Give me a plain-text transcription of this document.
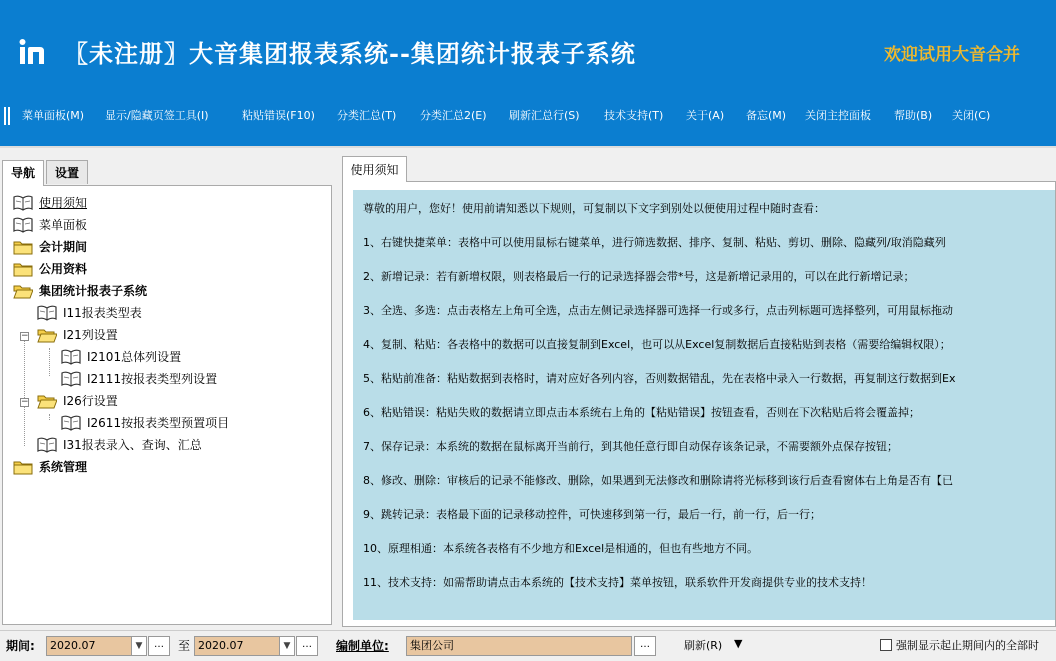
〖未注册〗大音集团报表系统--集团统计报表子系统	欢迎试用大音合并
菜单面板(M) 显示/隐藏页签工具(I)	粘贴错误(F10) 分类汇总(T) 分类汇总2(E) 刷新汇总行(S) 技术支持(T) 关于(A) 备忘(M) 关闭主控面板 帮助(B) 关闭(C)
导航	设置
使用须知
菜单面板
会计期间
公用资料
集团统计报表子系统
I11报表类型表
−	I21列设置
I2101总体列设置
I2111按报表类型列设置
−	I26行设置
I2611按报表类型预置项目
I31报表录入、查询、汇总
系统管理
使用须知
尊敬的用户，您好！使用前请知悉以下规则，可复制以下文字到别处以便使用过程中随时查看：
1、右键快捷菜单：表格中可以使用鼠标右键菜单，进行筛选数据、排序、复制、粘贴、剪切、删除、隐藏列/取消隐藏列
2、新增记录：若有新增权限，则表格最后一行的记录选择器会带*号，这是新增记录用的，可以在此行新增记录；
3、全选、多选：点击表格左上角可全选，点击左侧记录选择器可选择一行或多行，点击列标题可选择整列，可用鼠标拖动
4、复制、粘贴：各表格中的数据可以直接复制到Excel，也可以从Excel复制数据后直接粘贴到表格（需要给编辑权限）；
5、粘贴前准备：粘贴数据到表格时，请对应好各列内容，否则数据错乱，先在表格中录入一行数据，再复制这行数据到Ex
6、粘贴错误：粘贴失败的数据请立即点击本系统右上角的【粘贴错误】按钮查看，否则在下次粘贴后将会覆盖掉；
7、保存记录：本系统的数据在鼠标离开当前行，到其他任意行即自动保存该条记录，不需要额外点保存按钮；
8、修改、删除：审核后的记录不能修改、删除，如果遇到无法修改和删除请将光标移到该行后查看窗体右上角是否有【已
9、跳转记录：表格最下面的记录移动控件，可快速移到第一行，最后一行，前一行，后一行；
10、原理相通：本系统各表格有不少地方和Excel是相通的，但也有些地方不同。
11、技术支持：如需帮助请点击本系统的【技术支持】菜单按钮，联系软件开发商提供专业的技术支持！
期间:	2020.07	▼	…	至 2020.07	▼	…	编制单位:	集团公司	…	刷新(R) ▼	强制显示起止期间内的全部时
